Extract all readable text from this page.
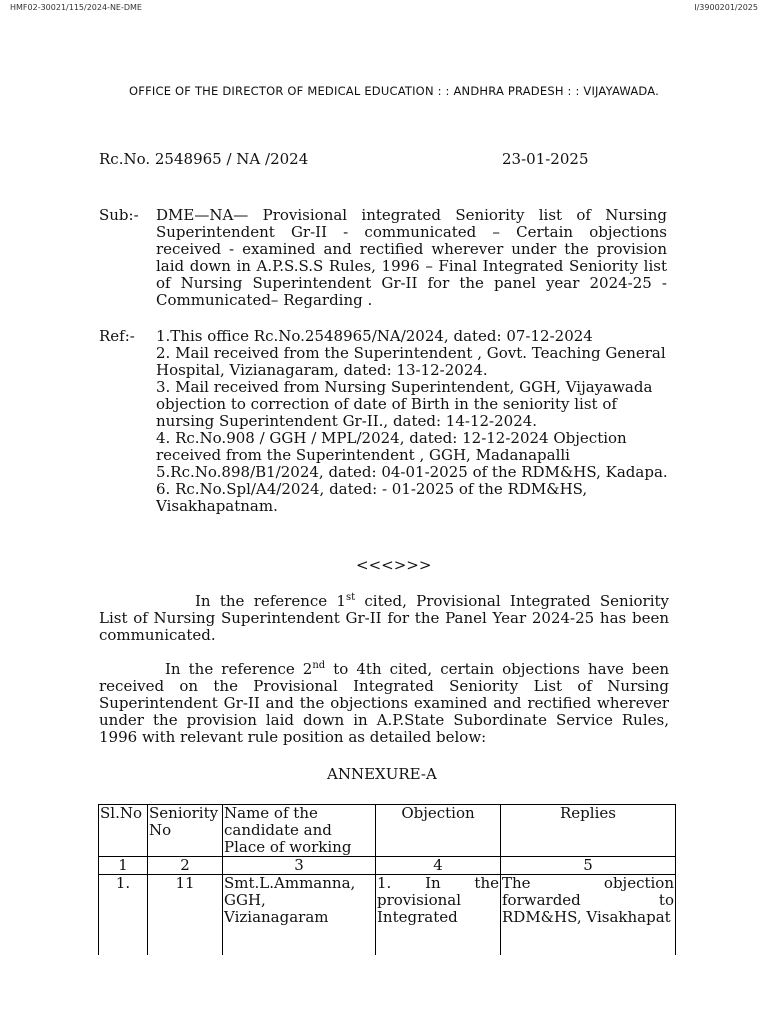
HMF02-30021/115/2024-NE-DME	I/3900201/2025
OFFICE OF THE DIRECTOR OF MEDICAL EDUCATION : : ANDHRA PRADESH : : VIJAYAWADA.
Rc.No. 2548965 / NA /2024	23-01-2025
Sub:- DME—NA— Provisional integrated Seniority list of Nursing Superintendent Gr-II - communicated – Certain objections received - examined and rectified wherever under the provision laid down in A.P.S.S.S Rules, 1996 – Final Integrated Seniority list of Nursing Superintendent Gr-II for the panel year 2024-25 - Communicated– Regarding .
Ref:- 1.This office Rc.No.2548965/NA/2024, dated: 07-12-2024
2. Mail received from the Superintendent , Govt. Teaching General Hospital, Vizianagaram, dated: 13-12-2024.
3. Mail received from Nursing Superintendent, GGH, Vijayawada objection to correction of date of Birth in the seniority list of nursing Superintendent Gr-II., dated: 14-12-2024.
4. Rc.No.908 / GGH / MPL/2024, dated: 12-12-2024 Objection received from the Superintendent , GGH, Madanapalli
5.Rc.No.898/B1/2024, dated: 04-01-2025 of the RDM&HS, Kadapa.
6. Rc.No.Spl/A4/2024, dated: - 01-2025 of the RDM&HS, Visakhapatnam.
<<<>>>
In the reference 1st cited, Provisional Integrated Seniority List of Nursing Superintendent Gr-II for the Panel Year 2024-25 has been communicated.
In the reference 2nd to 4th cited, certain objections have been received on the Provisional Integrated Seniority List of Nursing Superintendent Gr-II and the objections examined and rectified wherever under the provision laid down in A.P.State Subordinate Service Rules, 1996 with relevant rule position as detailed below:
ANNEXURE-A
Sl.No	Seniority No	Name of the candidate and Place of working	Objection	Replies
1	2	3	4	5
1.	11	Smt.L.Ammanna, GGH, Vizianagaram	1. In the provisional Integrated	The objection forwarded to RDM&HS, Visakhapat
